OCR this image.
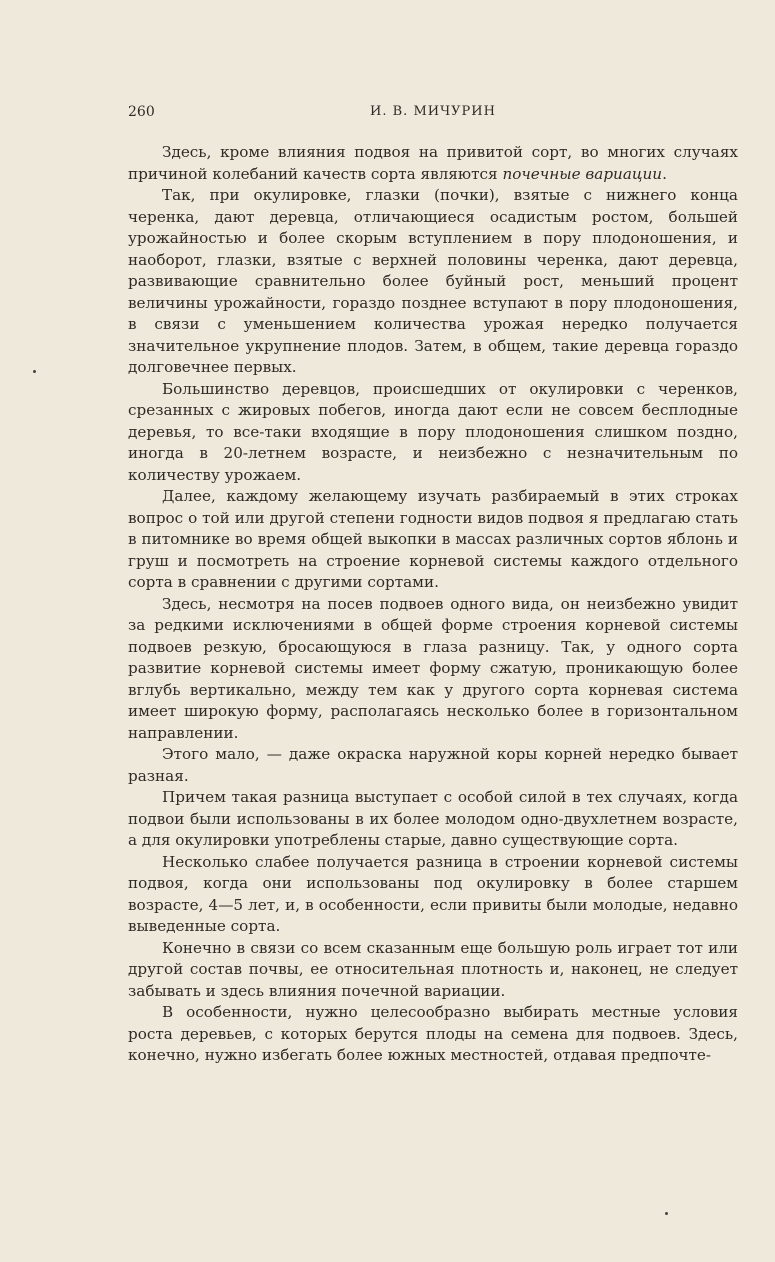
260	И. В. МИЧУРИН

Здесь, кроме влияния подвоя на привитой сорт, во многих случаях причиной колебаний качеств сорта являются почечные вариации.

Так, при окулировке, глазки (почки), взятые с нижнего конца черенка, дают деревца, отличающиеся осадистым ростом, большей урожайностью и более скорым вступлением в пору плодоношения, и наоборот, глазки, взятые с верхней половины черенка, дают деревца, развивающие сравнительно более буйный рост, меньший процент величины урожайности, гораздо позднее вступают в пору плодоношения, в связи с уменьшением количества урожая нередко получается значительное укрупнение плодов. Затем, в общем, такие деревца гораздо долговечнее первых.

Большинство деревцов, происшедших от окулировки с черенков, срезанных с жировых побегов, иногда дают если не совсем бесплодные деревья, то все-таки входящие в пору плодоношения слишком поздно, иногда в 20-летнем возрасте, и неизбежно с незначительным по количеству урожаем.

Далее, каждому желающему изучать разбираемый в этих строках вопрос о той или другой степени годности видов подвоя я предлагаю стать в питомнике во время общей выкопки в массах различных сортов яблонь и груш и посмотреть на строение корневой системы каждого отдельного сорта в сравнении с другими сортами.

Здесь, несмотря на посев подвоев одного вида, он неизбежно увидит за редкими исключениями в общей форме строения корневой системы подвоев резкую, бросающуюся в глаза разницу. Так, у одного сорта развитие корневой системы имеет форму сжатую, проникающую более вглубь вертикально, между тем как у другого сорта корневая система имеет широкую форму, располагаясь несколько более в горизонтальном направлении.

Этого мало, — даже окраска наружной коры корней нередко бывает разная.

Причем такая разница выступает с особой силой в тех случаях, когда подвои были использованы в их более молодом одно-двухлетнем возрасте, а для окулировки употреблены старые, давно существующие сорта.

Несколько слабее получается разница в строении корневой системы подвоя, когда они использованы под окулировку в более старшем возрасте, 4—5 лет, и, в особенности, если привиты были молодые, недавно выведенные сорта.

Конечно в связи со всем сказанным еще большую роль играет тот или другой состав почвы, ее относительная плотность и, наконец, не следует забывать и здесь влияния почечной вариации.

В особенности, нужно целесообразно выбирать местные условия роста деревьев, с которых берутся плоды на семена для подвоев. Здесь, конечно, нужно избегать более южных местностей, отдавая предпочте-
